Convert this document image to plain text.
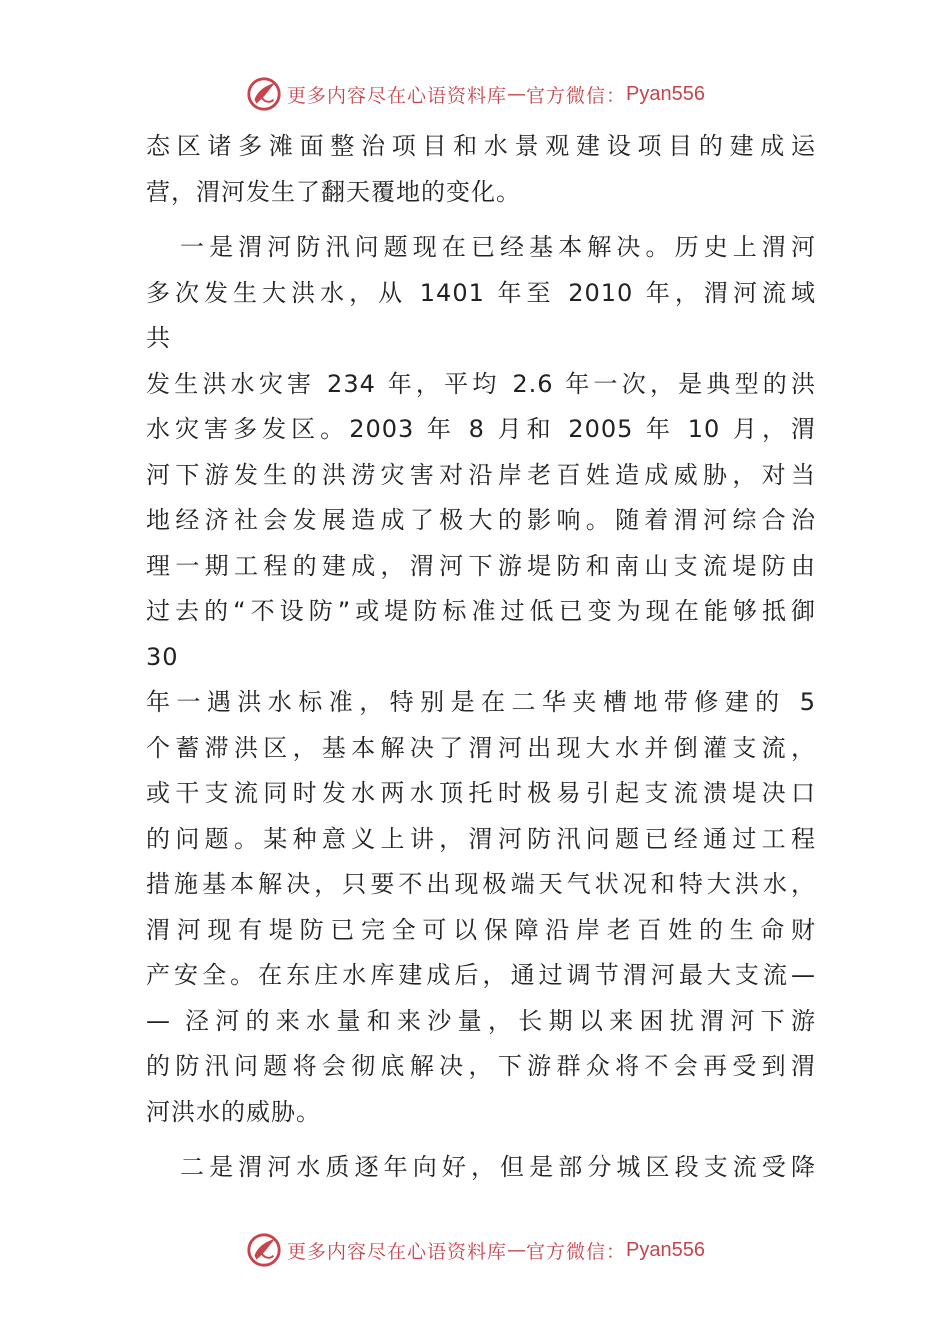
更多内容尽在心语资料库 — 官方微信： Pyan556
态区诸多滩面整治项目和水景观建设项目的建成运
营，渭河发生了翻天覆地的变化。
一是渭河防汛问题现在已经基本解决。历史上渭河
多次发生大洪水，从 1401 年至 2010 年，渭河流域
共
发生洪水灾害 234 年，平均 2.6 年一次，是典型的洪
水灾害多发区。2003 年 8 月和 2005 年 10 月，渭
河下游发生的洪涝灾害对沿岸老百姓造成威胁，对当
地经济社会发展造成了极大的影响。随着渭河综合治
理一期工程的建成，渭河下游堤防和南山支流堤防由
过去的“不设防”或堤防标准过低已变为现在能够抵御
30
年一遇洪水标准，特别是在二华夹槽地带修建的 5
个蓄滞洪区，基本解决了渭河出现大水并倒灌支流，
或干支流同时发水两水顶托时极易引起支流溃堤决口
的问题。某种意义上讲，渭河防汛问题已经通过工程
措施基本解决，只要不出现极端天气状况和特大洪水，
渭河现有堤防已完全可以保障沿岸老百姓的生命财
产安全。在东庄水库建成后，通过调节渭河最大支流—
— 泾河的来水量和来沙量，长期以来困扰渭河下游
的防汛问题将会彻底解决，下游群众将不会再受到渭
河洪水的威胁。
二是渭河水质逐年向好，但是部分城区段支流受降
更多内容尽在心语资料库 — 官方微信： Pyan556
